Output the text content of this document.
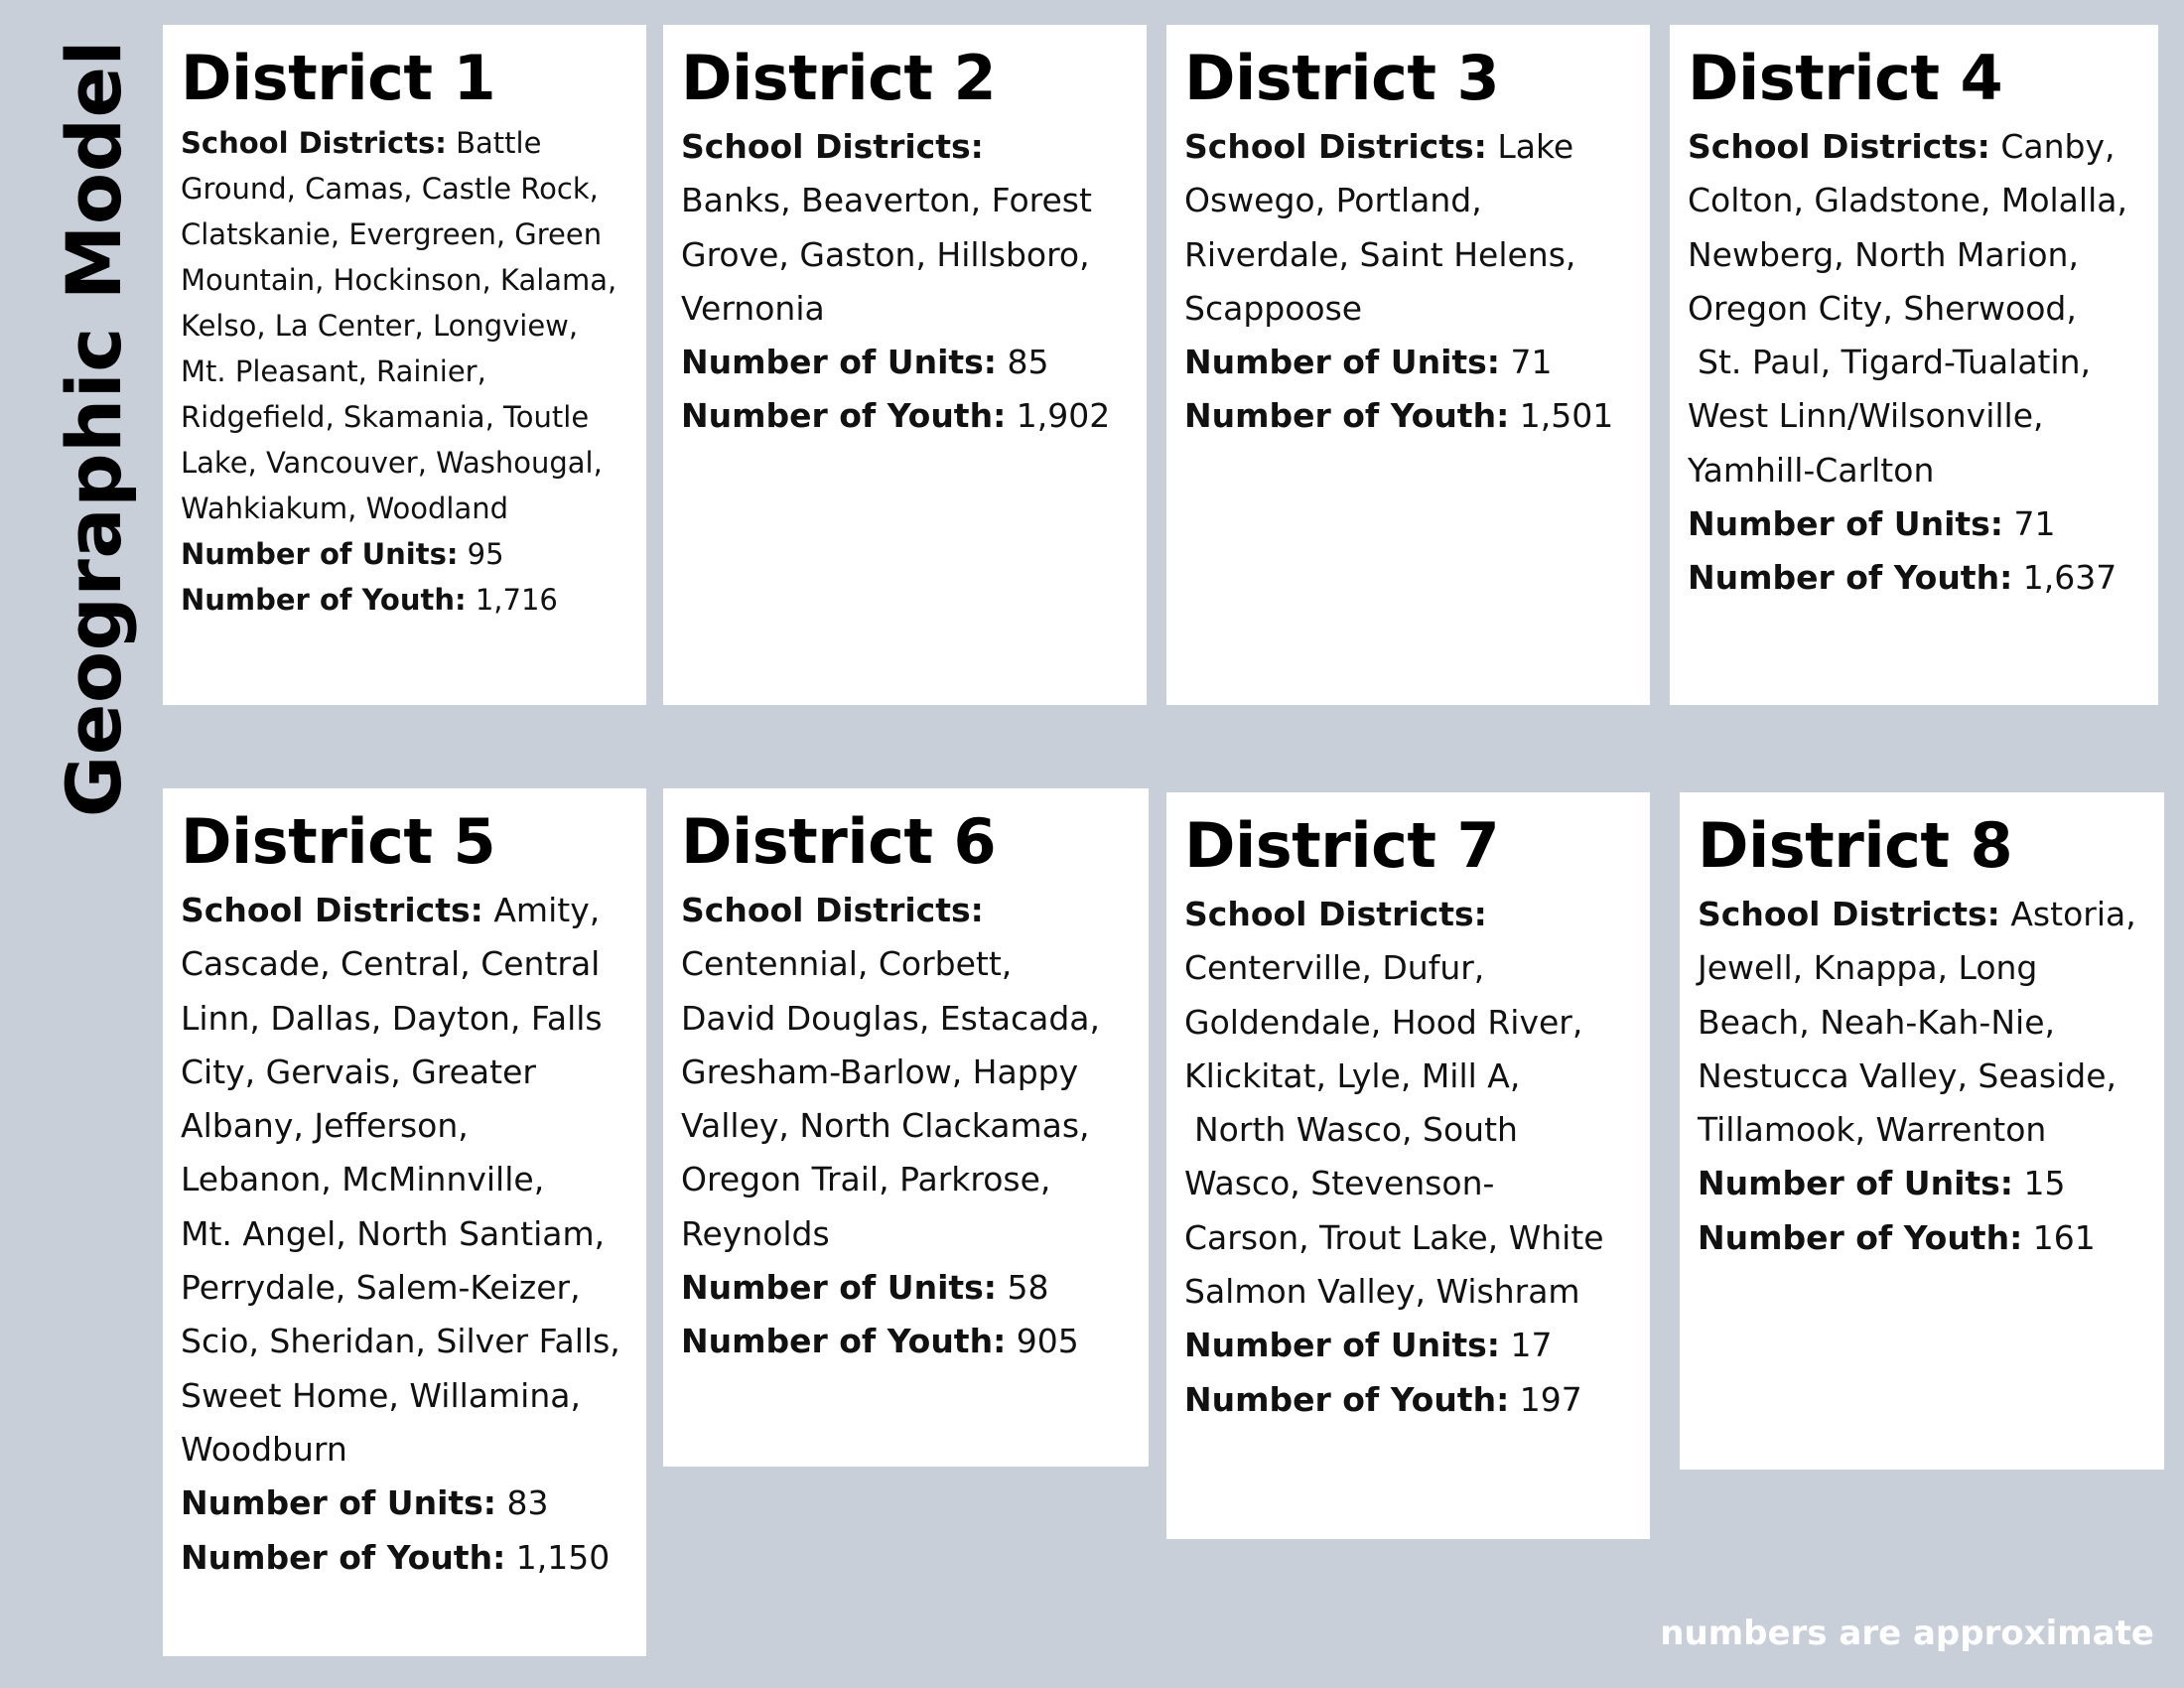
Geographic Model District 1
School Districts: Battle
Ground, Camas, Castle Rock,
Clatskanie, Evergreen, Green
Mountain, Hockinson, Kalama,
Kelso, La Center, Longview,
Mt. Pleasant, Rainier,
Ridgefield, Skamania, Toutle
Lake, Vancouver, Washougal,
Wahkiakum, Woodland
Number of Units: 95
Number of Youth: 1,716
District 2
School Districts:
Banks, Beaverton, Forest
Grove, Gaston, Hillsboro,
Vernonia
Number of Units: 85
Number of Youth: 1,902
District 3
School Districts: Lake
Oswego, Portland,
Riverdale, Saint Helens,
Scappoose
Number of Units: 71
Number of Youth: 1,501
District 4
School Districts: Canby,
Colton, Gladstone, Molalla,
Newberg, North Marion,
Oregon City, Sherwood,
St. Paul, Tigard-Tualatin,
West Linn/Wilsonville,
Yamhill-Carlton
Number of Units: 71
Number of Youth: 1,637
District 5
School Districts: Amity,
Cascade, Central, Central
Linn, Dallas, Dayton, Falls
City, Gervais, Greater
Albany, Jefferson,
Lebanon, McMinnville,
Mt. Angel, North Santiam,
Perrydale, Salem-Keizer,
Scio, Sheridan, Silver Falls,
Sweet Home, Willamina,
Woodburn
Number of Units: 83
Number of Youth: 1,150
District 6
School Districts:
Centennial, Corbett,
David Douglas, Estacada,
Gresham-Barlow, Happy
Valley, North Clackamas,
Oregon Trail, Parkrose,
Reynolds
Number of Units: 58
Number of Youth: 905
District 7
School Districts:
Centerville, Dufur,
Goldendale, Hood River,
Klickitat, Lyle, Mill A,
North Wasco, South
Wasco, Stevenson-
Carson, Trout Lake, White
Salmon Valley, Wishram
Number of Units: 17
Number of Youth: 197
District 8
School Districts: Astoria,
Jewell, Knappa, Long
Beach, Neah-Kah-Nie,
Nestucca Valley, Seaside,
Tillamook, Warrenton
Number of Units: 15
Number of Youth: 161
numbers are approximate
